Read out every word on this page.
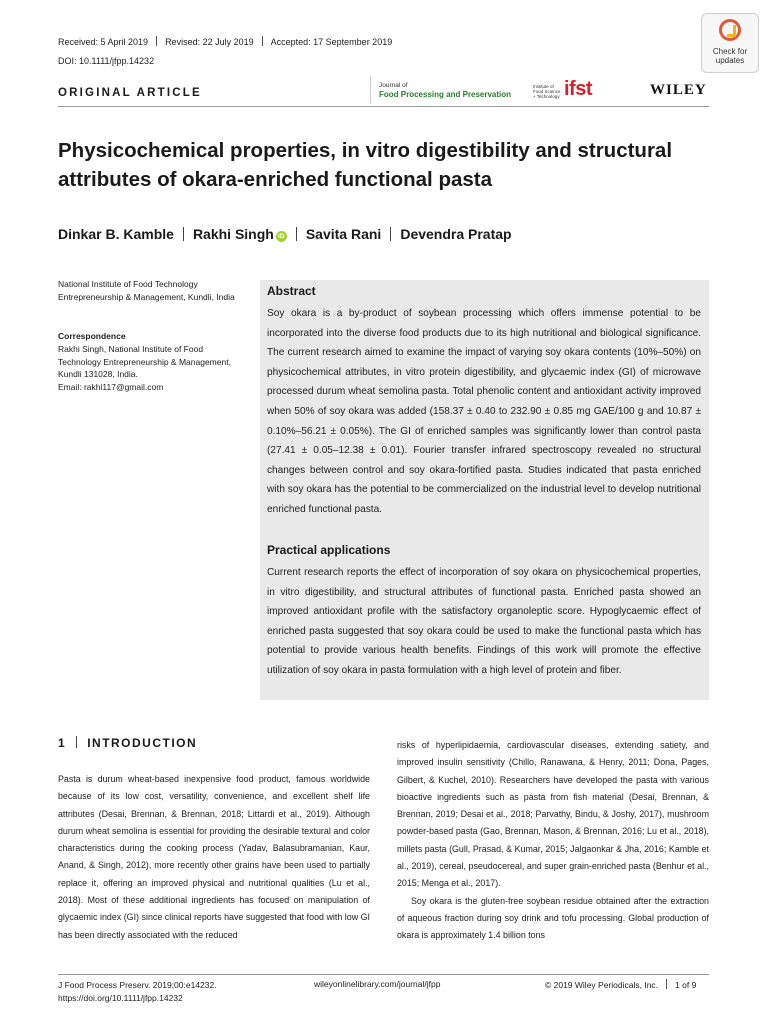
Received: 5 April 2019 Revised: 22 July 2019 Accepted: 17 September 2019
DOI: 10.1111/jfpp.14232
ORIGINAL ARTICLE
Journal of
Food Processing and Preservation
Institute of Food Science + Technology ifst	WILEY
Check for updates
Physicochemical properties, in vitro digestibility and structural attributes of okara-enriched functional pasta
Dinkar B. Kamble Rakhi Singh iD Savita Rani Devendra Pratap
National Institute of Food Technology Entrepreneurship & Management, Kundli, India
Correspondence
Rakhi Singh, National Institute of Food Technology Entrepreneurship & Management, Kundli 131028, India.
Email: rakhi117@gmail.com
Abstract
Soy okara is a by-product of soybean processing which offers immense potential to be incorporated into the diverse food products due to its high nutritional and biological significance. The current research aimed to examine the impact of varying soy okara contents (10%–50%) on physicochemical attributes, in vitro protein digestibility, and glycaemic index (GI) of microwave processed durum wheat semolina pasta. Total phenolic content and antioxidant activity improved when 50% of soy okara was added (158.37 ± 0.40 to 232.90 ± 0.85 mg GAE/100 g and 10.87 ± 0.10%–56.21 ± 0.05%). The GI of enriched samples was significantly lower than control pasta (27.41 ± 0.05–12.38 ± 0.01). Fourier transfer infrared spectroscopy revealed no structural changes between control and soy okara-fortified pasta. Studies indicated that pasta enriched with soy okara has the potential to be commercialized on the industrial level to develop nutritional enriched functional pasta.
Practical applications
Current research reports the effect of incorporation of soy okara on physicochemical properties, in vitro digestibility, and structural attributes of functional pasta. Enriched pasta showed an improved antioxidant profile with the satisfactory organoleptic score. Hypoglycaemic effect of enriched pasta suggested that soy okara could be used to make the functional pasta which has potential to provide various health benefits. Findings of this work will promote the effective utilization of soy okara in pasta formulation with a high level of protein and fiber.
1 INTRODUCTION
Pasta is durum wheat-based inexpensive food product, famous worldwide because of its low cost, versatility, convenience, and excellent shelf life attributes (Desai, Brennan, & Brennan, 2018; Littardi et al., 2019). Although durum wheat semolina is essential for providing the desirable textural and color characteristics during the cooking process (Yadav, Balasubramanian, Kaur, Anand, & Singh, 2012), more recently other grains have been used to partially replace it, offering an improved physical and nutritional qualities (Lu et al., 2018). Most of these additional ingredients has focused on manipulation of glycaemic index (GI) since clinical reports have suggested that food with low GI has been directly associated with the reduced

risks of hyperlipidaemia, cardiovascular diseases, extending satiety, and improved insulin sensitivity (Chillo, Ranawana, & Henry, 2011; Dona, Pages, Gilbert, & Kuchel, 2010). Researchers have developed the pasta with various bioactive ingredients such as pasta from fish material (Desai, Brennan, & Brennan, 2019; Desai et al., 2018; Parvathy, Bindu, & Joshy, 2017), mushroom powder-based pasta (Gao, Brennan, Mason, & Brennan, 2016; Lu et al., 2018), millets pasta (Gull, Prasad, & Kumar, 2015; Jalgaonkar & Jha, 2016; Kamble et al., 2019), cereal, pseudocereal, and super grain-enriched pasta (Benhur et al., 2015; Menga et al., 2017).

Soy okara is the gluten-free soybean residue obtained after the extraction of aqueous fraction during soy drink and tofu processing. Global production of okara is approximately 1.4 billion tons

J Food Process Preserv. 2019;00:e14232.
https://doi.org/10.1111/jfpp.14232
wileyonlinelibrary.com/journal/jfpp	© 2019 Wiley Periodicals, Inc. 1 of 9
